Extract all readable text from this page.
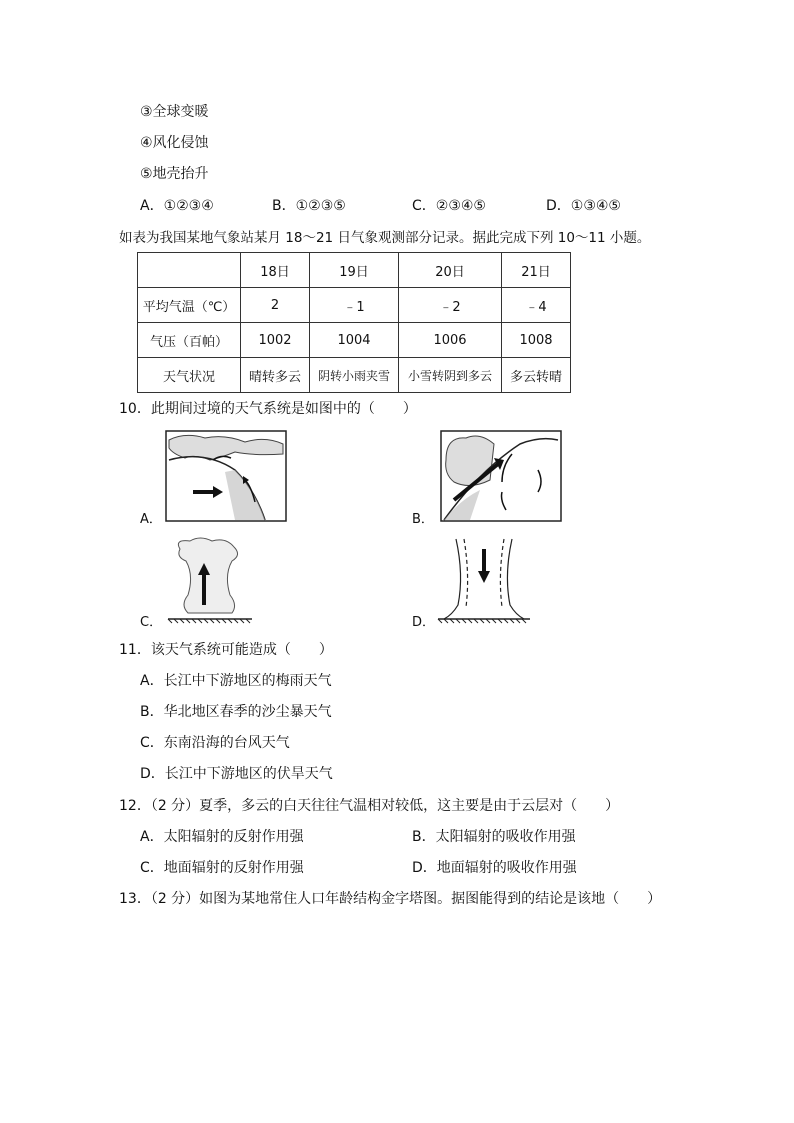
③全球变暖
④风化侵蚀
⑤地壳抬升
A．①②③④	B．①②③⑤	C．②③④⑤	D．①③④⑤
如表为我国某地气象站某月 18～21 日气象观测部分记录。据此完成下列 10～11 小题。
	18日	19日	20日	21日
平均气温（℃）	2	﹣1	﹣2	﹣4
气压（百帕）	1002	1004	1006	1008
天气状况	晴转多云	阴转小雨夹雪	小雪转阴到多云	多云转晴
10．此期间过境的天气系统是如图中的（　　）
A．	B．
C．	D．
11．该天气系统可能造成（　　）
A．长江中下游地区的梅雨天气
B．华北地区春季的沙尘暴天气
C．东南沿海的台风天气
D．长江中下游地区的伏旱天气
12．（2 分）夏季，多云的白天往往气温相对较低，这主要是由于云层对（　　）
A．太阳辐射的反射作用强	B．太阳辐射的吸收作用强
C．地面辐射的反射作用强	D．地面辐射的吸收作用强
13．（2 分）如图为某地常住人口年龄结构金字塔图。据图能得到的结论是该地（　　）
